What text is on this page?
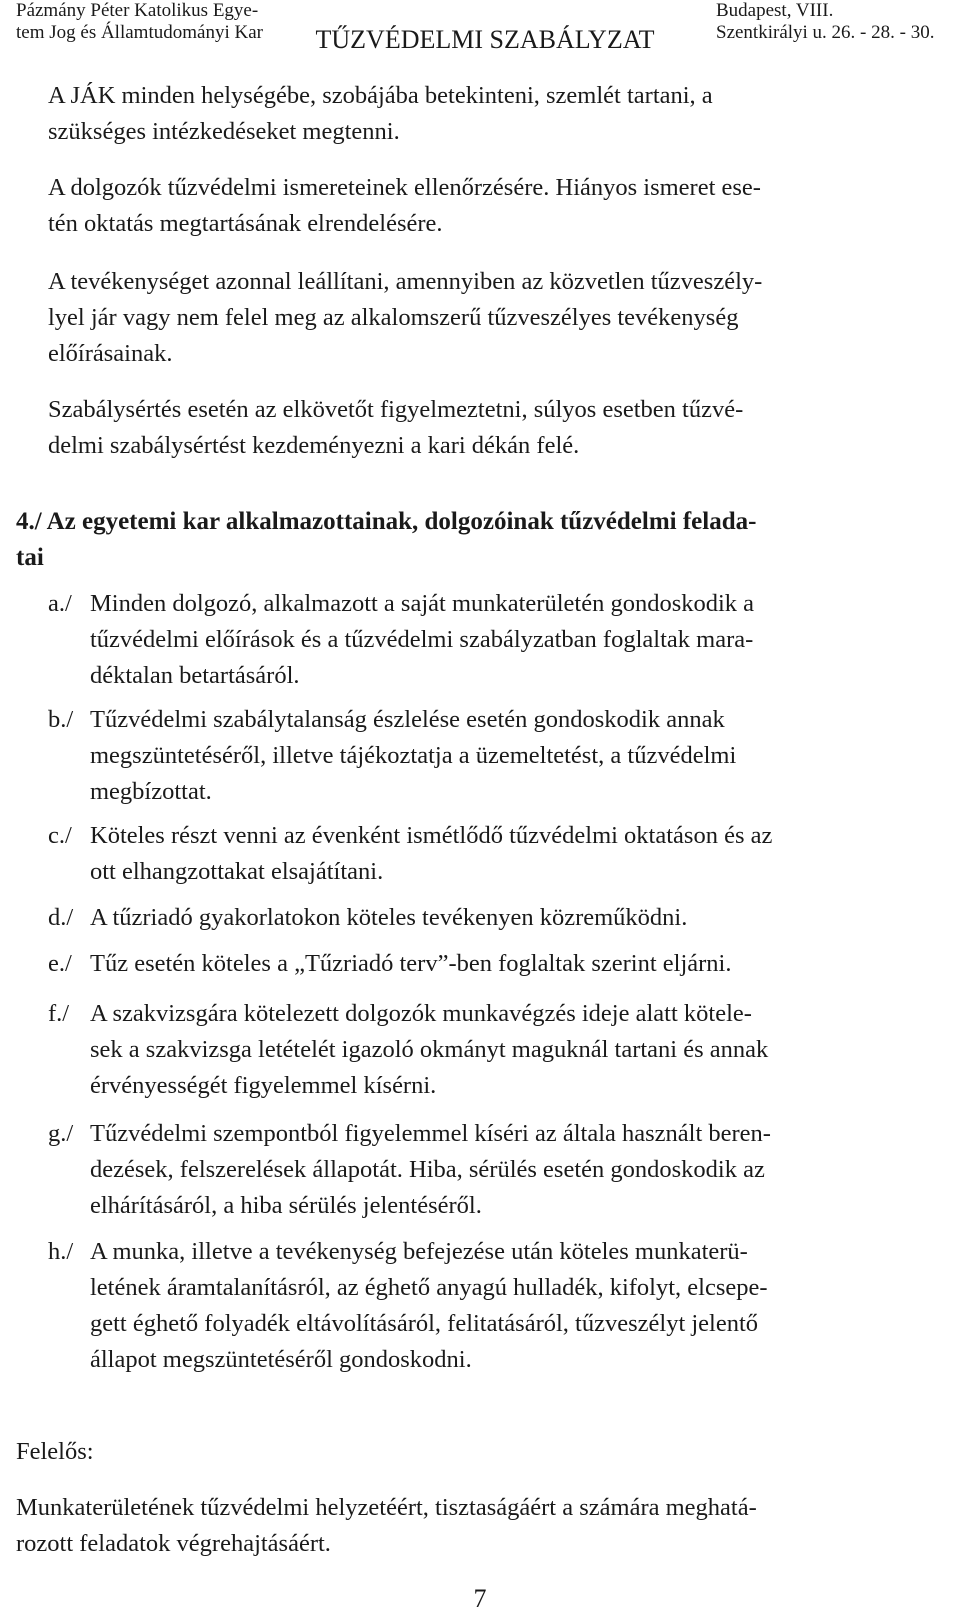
Pázmány Péter Katolikus Egye-
tem Jog és Államtudományi Kar	TŰZVÉDELMI SZABÁLYZAT
Budapest, VIII.
Szentkirályi u. 26. - 28. - 30.
A JÁK minden helységébe, szobájába betekinteni, szemlét tartani, a
szükséges intézkedéseket megtenni.
A dolgozók tűzvédelmi ismereteinek ellenőrzésére. Hiányos ismeret ese-
tén oktatás megtartásának elrendelésére.
A tevékenységet azonnal leállítani, amennyiben az közvetlen tűzveszély-
lyel jár vagy nem felel meg az alkalomszerű tűzveszélyes tevékenység
előírásainak.
Szabálysértés esetén az elkövetőt figyelmeztetni, súlyos esetben tűzvé-
delmi szabálysértést kezdeményezni a kari dékán felé.
4./ Az egyetemi kar alkalmazottainak, dolgozóinak tűzvédelmi felada-
tai
a./ Minden dolgozó, alkalmazott a saját munkaterületén gondoskodik a
tűzvédelmi előírások és a tűzvédelmi szabályzatban foglaltak mara-
déktalan betartásáról.
b./ Tűzvédelmi szabálytalanság észlelése esetén gondoskodik annak
megszüntetéséről, illetve tájékoztatja a üzemeltetést, a tűzvédelmi
megbízottat.
c./ Köteles részt venni az évenként ismétlődő tűzvédelmi oktatáson és az
ott elhangzottakat elsajátítani.
d./ A tűzriadó gyakorlatokon köteles tevékenyen közreműködni.
e./ Tűz esetén köteles a „Tűzriadó terv”-ben foglaltak szerint eljárni.
f./ A szakvizsgára kötelezett dolgozók munkavégzés ideje alatt kötele-
sek a szakvizsga letételét igazoló okmányt maguknál tartani és annak
érvényességét figyelemmel kísérni.
g./ Tűzvédelmi szempontból figyelemmel kíséri az általa használt beren-
dezések, felszerelések állapotát. Hiba, sérülés esetén gondoskodik az
elhárításáról, a hiba sérülés jelentéséről.
h./ A munka, illetve a tevékenység befejezése után köteles munkaterü-
letének áramtalanításról, az éghető anyagú hulladék, kifolyt, elcsepe-
gett éghető folyadék eltávolításáról, felitatásáról, tűzveszélyt jelentő
állapot megszüntetéséről gondoskodni.
Felelős:
Munkaterületének tűzvédelmi helyzetéért, tisztaságáért a számára meghatá-
rozott feladatok végrehajtásáért.
7
